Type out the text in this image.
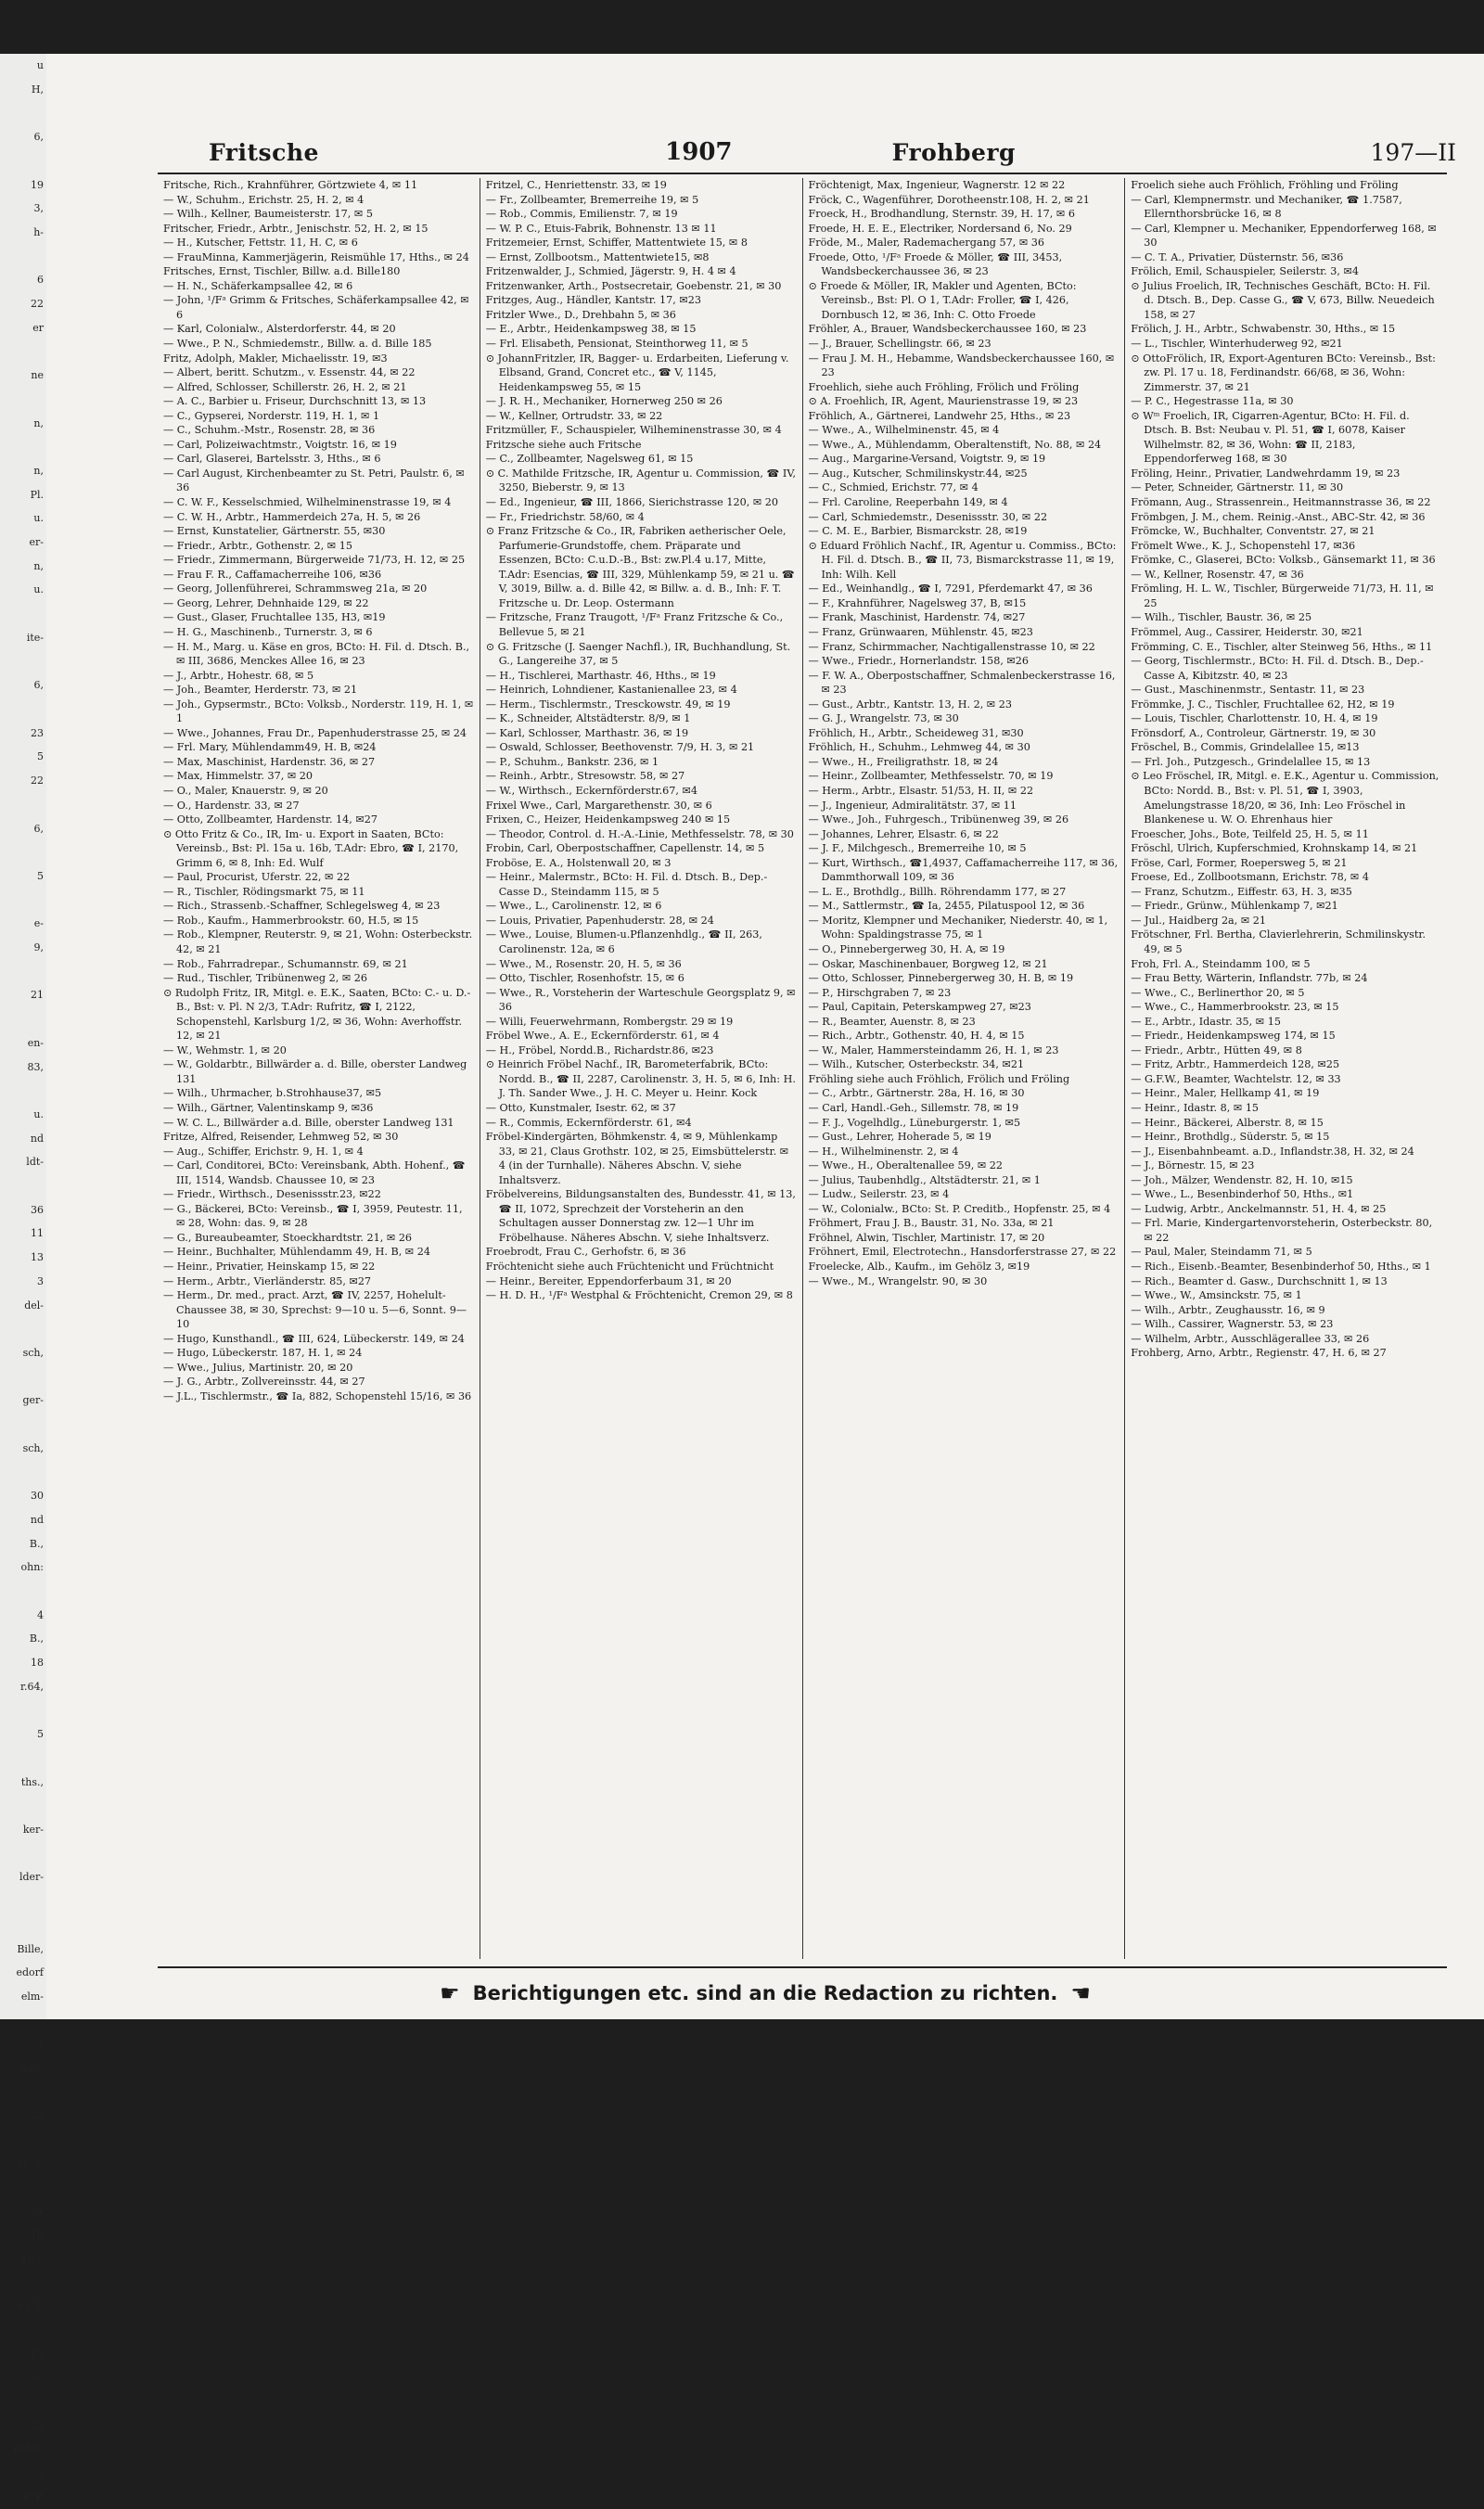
u
H,

6,

19
3,
h-

6
22
er

ne

n,

n,
Pl.
u.
er-
n,
u.

ite-

6,

23
5
22

6,

5

e-
9,

21

en-
83,

u.
nd
ldt-

36
11
13
3
del-

sch,

ger-

sch,

30
nd
B.,
ohn:

4
B.,
18
r.64,

5

ths.,

ker-

lder-

Bille,
edorf
elm-

4
ann-

22

H: 3,

24
19
103,

eg 5,

13
ir.

22
entur,
5
F. P.
Fritsche	1907	Frohberg	197—II
Fritsche, Rich., Krahnführer, Görtzwiete 4, ✉ 11
— W., Schuhm., Erichstr. 25, H. 2, ✉ 4
— Wilh., Kellner, Baumeisterstr. 17, ✉ 5
Fritscher, Friedr., Arbtr., Jenischstr. 52, H. 2, ✉ 15
— H., Kutscher, Fettstr. 11, H. C, ✉ 6
— FrauMinna, Kammerjägerin, Reismühle 17, Hths., ✉ 24
Fritsches, Ernst, Tischler, Billw. a.d. Bille180
— H. N., Schäferkampsallee 42, ✉ 6
— John, ¹/Fᵃ Grimm & Fritsches, Schäferkampsallee 42, ✉ 6
— Karl, Colonialw., Alsterdorferstr. 44, ✉ 20
— Wwe., P. N., Schmiedemstr., Billw. a. d. Bille 185
Fritz, Adolph, Makler, Michaelisstr. 19, ✉3
— Albert, beritt. Schutzm., v. Essenstr. 44, ✉ 22
— Alfred, Schlosser, Schillerstr. 26, H. 2, ✉ 21
— A. C., Barbier u. Friseur, Durchschnitt 13, ✉ 13
— C., Gypserei, Norderstr. 119, H. 1, ✉ 1
— C., Schuhm.-Mstr., Rosenstr. 28, ✉ 36
— Carl, Polizeiwachtmstr., Voigtstr. 16, ✉ 19
— Carl, Glaserei, Bartelsstr. 3, Hths., ✉ 6
— Carl August, Kirchenbeamter zu St. Petri, Paulstr. 6, ✉ 36
— C. W. F., Kesselschmied, Wilhelminenstrasse 19, ✉ 4
— C. W. H., Arbtr., Hammerdeich 27a, H. 5, ✉ 26
— Ernst, Kunstatelier, Gärtnerstr. 55, ✉30
— Friedr., Arbtr., Gothenstr. 2, ✉ 15
— Friedr., Zimmermann, Bürgerweide 71/73, H. 12, ✉ 25
— Frau F. R., Caffamacherreihe 106, ✉36
— Georg, Jollenführerei, Schrammsweg 21a, ✉ 20
— Georg, Lehrer, Dehnhaide 129, ✉ 22
— Gust., Glaser, Fruchtallee 135, H3, ✉19
— H. G., Maschinenb., Turnerstr. 3, ✉ 6
— H. M., Marg. u. Käse en gros, BCto: H. Fil. d. Dtsch. B., ✉ III, 3686, Menckes Allee 16, ✉ 23
— J., Arbtr., Hohestr. 68, ✉ 5
— Joh., Beamter, Herderstr. 73, ✉ 21
— Joh., Gypsermstr., BCto: Volksb., Norderstr. 119, H. 1, ✉ 1
— Wwe., Johannes, Frau Dr., Papenhuderstrasse 25, ✉ 24
— Frl. Mary, Mühlendamm49, H. B, ✉24
— Max, Maschinist, Hardenstr. 36, ✉ 27
— Max, Himmelstr. 37, ✉ 20
— O., Maler, Knauerstr. 9, ✉ 20
— O., Hardenstr. 33, ✉ 27
— Otto, Zollbeamter, Hardenstr. 14, ✉27
⊙ Otto Fritz & Co., IR, Im- u. Export in Saaten, BCto: Vereinsb., Bst: Pl. 15a u. 16b, T.Adr: Ebro, ☎ I, 2170, Grimm 6, ✉ 8, Inh: Ed. Wulf
— Paul, Procurist, Uferstr. 22, ✉ 22
— R., Tischler, Rödingsmarkt 75, ✉ 11
— Rich., Strassenb.-Schaffner, Schlegelsweg 4, ✉ 23
— Rob., Kaufm., Hammerbrookstr. 60, H.5, ✉ 15
— Rob., Klempner, Reuterstr. 9, ✉ 21, Wohn: Osterbeckstr. 42, ✉ 21
— Rob., Fahrradrepar., Schumannstr. 69, ✉ 21
— Rud., Tischler, Tribünenweg 2, ✉ 26
⊙ Rudolph Fritz, IR, Mitgl. e. E.K., Saaten, BCto: C.- u. D.-B., Bst: v. Pl. N 2/3, T.Adr: Rufritz, ☎ I, 2122, Schopenstehl, Karlsburg 1/2, ✉ 36, Wohn: Averhoffstr. 12, ✉ 21
— W., Wehmstr. 1, ✉ 20
— W., Goldarbtr., Billwärder a. d. Bille, oberster Landweg 131
— Wilh., Uhrmacher, b.Strohhause37, ✉5
— Wilh., Gärtner, Valentinskamp 9, ✉36
— W. C. L., Billwärder a.d. Bille, oberster Landweg 131
Fritze, Alfred, Reisender, Lehmweg 52, ✉ 30
— Aug., Schiffer, Erichstr. 9, H. 1, ✉ 4
— Carl, Conditorei, BCto: Vereinsbank, Abth. Hohenf., ☎ III, 1514, Wandsb. Chaussee 10, ✉ 23
— Friedr., Wirthsch., Desenissstr.23, ✉22
— G., Bäckerei, BCto: Vereinsb., ☎ I, 3959, Peutestr. 11, ✉ 28, Wohn: das. 9, ✉ 28
— G., Bureaubeamter, Stoeckhardtstr. 21, ✉ 26
— Heinr., Buchhalter, Mühlendamm 49, H. B, ✉ 24
— Heinr., Privatier, Heinskamp 15, ✉ 22
— Herm., Arbtr., Vierländerstr. 85, ✉27
— Herm., Dr. med., pract. Arzt, ☎ IV, 2257, Hohelult-Chaussee 38, ✉ 30, Sprechst: 9—10 u. 5—6, Sonnt. 9—10
— Hugo, Kunsthandl., ☎ III, 624, Lübeckerstr. 149, ✉ 24
— Hugo, Lübeckerstr. 187, H. 1, ✉ 24
— Wwe., Julius, Martinistr. 20, ✉ 20
— J. G., Arbtr., Zollvereinsstr. 44, ✉ 27
— J.L., Tischlermstr., ☎ Ia, 882, Schopenstehl 15/16, ✉ 36
Fritzel, C., Henriettenstr. 33, ✉ 19
— Fr., Zollbeamter, Bremerreihe 19, ✉ 5
— Rob., Commis, Emilienstr. 7, ✉ 19
— W. P. C., Etuis-Fabrik, Bohnenstr. 13 ✉ 11
Fritzemeier, Ernst, Schiffer, Mattentwiete 15, ✉ 8
— Ernst, Zollbootsm., Mattentwiete15, ✉8
Fritzenwalder, J., Schmied, Jägerstr. 9, H. 4 ✉ 4
Fritzenwanker, Arth., Postsecretair, Goebenstr. 21, ✉ 30
Fritzges, Aug., Händler, Kantstr. 17, ✉23
Fritzler Wwe., D., Drehbahn 5, ✉ 36
— E., Arbtr., Heidenkampsweg 38, ✉ 15
— Frl. Elisabeth, Pensionat, Steinthorweg 11, ✉ 5
⊙ JohannFritzler, IR, Bagger- u. Erdarbeiten, Lieferung v. Elbsand, Grand, Concret etc., ☎ V, 1145, Heidenkampsweg 55, ✉ 15
— J. R. H., Mechaniker, Hornerweg 250 ✉ 26
— W., Kellner, Ortrudstr. 33, ✉ 22
Fritzmüller, F., Schauspieler, Wilheminenstrasse 30, ✉ 4
Fritzsche siehe auch Fritsche
— C., Zollbeamter, Nagelsweg 61, ✉ 15
⊙ C. Mathilde Fritzsche, IR, Agentur u. Commission, ☎ IV, 3250, Bieberstr. 9, ✉ 13
— Ed., Ingenieur, ☎ III, 1866, Sierichstrasse 120, ✉ 20
— Fr., Friedrichstr. 58/60, ✉ 4
⊙ Franz Fritzsche & Co., IR, Fabriken aetherischer Oele, Parfumerie-Grundstoffe, chem. Präparate und Essenzen, BCto: C.u.D.-B., Bst: zw.Pl.4 u.17, Mitte, T.Adr: Esencias, ☎ III, 329, Mühlenkamp 59, ✉ 21 u. ☎ V, 3019, Billw. a. d. Bille 42, ✉ Billw. a. d. B., Inh: F. T. Fritzsche u. Dr. Leop. Ostermann
— Fritzsche, Franz Traugott, ¹/Fᵃ Franz Fritzsche & Co., Bellevue 5, ✉ 21
⊙ G. Fritzsche (J. Saenger Nachfl.), IR, Buchhandlung, St. G., Langereihe 37, ✉ 5
— H., Tischlerei, Marthastr. 46, Hths., ✉ 19
— Heinrich, Lohndiener, Kastanienallee 23, ✉ 4
— Herm., Tischlermstr., Tresckowstr. 49, ✉ 19
— K., Schneider, Altstädterstr. 8/9, ✉ 1
— Karl, Schlosser, Marthastr. 36, ✉ 19
— Oswald, Schlosser, Beethovenstr. 7/9, H. 3, ✉ 21
— P., Schuhm., Bankstr. 236, ✉ 1
— Reinh., Arbtr., Stresowstr. 58, ✉ 27
— W., Wirthsch., Eckernförderstr.67, ✉4
Frixel Wwe., Carl, Margarethenstr. 30, ✉ 6
Frixen, C., Heizer, Heidenkampsweg 240 ✉ 15
— Theodor, Control. d. H.-A.-Linie, Methfesselstr. 78, ✉ 30
Frobin, Carl, Oberpostschaffner, Capellenstr. 14, ✉ 5
Froböse, E. A., Holstenwall 20, ✉ 3
— Heinr., Malermstr., BCto: H. Fil. d. Dtsch. B., Dep.-Casse D., Steindamm 115, ✉ 5
— Wwe., L., Carolinenstr. 12, ✉ 6
— Louis, Privatier, Papenhuderstr. 28, ✉ 24
— Wwe., Louise, Blumen-u.Pflanzenhdlg., ☎ II, 263, Carolinenstr. 12a, ✉ 6
— Wwe., M., Rosenstr. 20, H. 5, ✉ 36
— Otto, Tischler, Rosenhofstr. 15, ✉ 6
— Wwe., R., Vorsteherin der Warteschule Georgsplatz 9, ✉ 36
— Willi, Feuerwehrmann, Rombergstr. 29 ✉ 19
Fröbel Wwe., A. E., Eckernförderstr. 61, ✉ 4
— H., Fröbel, Nordd.B., Richardstr.86, ✉23
⊙ Heinrich Fröbel Nachf., IR, Barometerfabrik, BCto: Nordd. B., ☎ II, 2287, Carolinenstr. 3, H. 5, ✉ 6, Inh: H. J. Th. Sander Wwe., J. H. C. Meyer u. Heinr. Kock
— Otto, Kunstmaler, Isestr. 62, ✉ 37
— R., Commis, Eckernförderstr. 61, ✉4
Fröbel-Kindergärten, Böhmkenstr. 4, ✉ 9, Mühlenkamp 33, ✉ 21, Claus Grothstr. 102, ✉ 25, Eimsbüttelerstr. ✉ 4 (in der Turnhalle). Näheres Abschn. V, siehe Inhaltsverz.
Fröbelvereins, Bildungsanstalten des, Bundesstr. 41, ✉ 13, ☎ II, 1072, Sprechzeit der Vorsteherin an den Schultagen ausser Donnerstag zw. 12—1 Uhr im Fröbelhause. Näheres Abschn. V, siehe Inhaltsverz.
Froebrodt, Frau C., Gerhofstr. 6, ✉ 36
Fröchtenicht siehe auch Früchtenicht und Früchtnicht
— Heinr., Bereiter, Eppendorferbaum 31, ✉ 20
— H. D. H., ¹/Fᵃ Westphal & Fröchtenicht, Cremon 29, ✉ 8
Fröchtenigt, Max, Ingenieur, Wagnerstr. 12 ✉ 22
Fröck, C., Wagenführer, Dorotheenstr.108, H. 2, ✉ 21
Froeck, H., Brodhandlung, Sternstr. 39, H. 17, ✉ 6
Froede, H. E. E., Electriker, Nordersand 6, No. 29
Fröde, M., Maler, Rademachergang 57, ✉ 36
Froede, Otto, ¹/Fᵃ Froede & Möller, ☎ III, 3453, Wandsbeckerchaussee 36, ✉ 23
⊙ Froede & Möller, IR, Makler und Agenten, BCto: Vereinsb., Bst: Pl. O 1, T.Adr: Froller, ☎ I, 426, Dornbusch 12, ✉ 36, Inh: C. Otto Froede
Fröhler, A., Brauer, Wandsbeckerchaussee 160, ✉ 23
— J., Brauer, Schellingstr. 66, ✉ 23
— Frau J. M. H., Hebamme, Wandsbeckerchaussee 160, ✉ 23
Froehlich, siehe auch Fröhling, Frölich und Fröling
⊙ A. Froehlich, IR, Agent, Maurienstrasse 19, ✉ 23
Fröhlich, A., Gärtnerei, Landwehr 25, Hths., ✉ 23
— Wwe., A., Wilhelminenstr. 45, ✉ 4
— Wwe., A., Mühlendamm, Oberaltenstift, No. 88, ✉ 24
— Aug., Margarine-Versand, Voigtstr. 9, ✉ 19
— Aug., Kutscher, Schmilinskystr.44, ✉25
— C., Schmied, Erichstr. 77, ✉ 4
— Frl. Caroline, Reeperbahn 149, ✉ 4
— Carl, Schmiedemstr., Desenissstr. 30, ✉ 22
— C. M. E., Barbier, Bismarckstr. 28, ✉19
⊙ Eduard Fröhlich Nachf., IR, Agentur u. Commiss., BCto: H. Fil. d. Dtsch. B., ☎ II, 73, Bismarckstrasse 11, ✉ 19, Inh: Wilh. Kell
— Ed., Weinhandlg., ☎ I, 7291, Pferdemarkt 47, ✉ 36
— F., Krahnführer, Nagelsweg 37, B, ✉15
— Frank, Maschinist, Hardenstr. 74, ✉27
— Franz, Grünwaaren, Mühlenstr. 45, ✉23
— Franz, Schirmmacher, Nachtigallenstrasse 10, ✉ 22
— Wwe., Friedr., Hornerlandstr. 158, ✉26
— F. W. A., Oberpostschaffner, Schmalenbeckerstrasse 16, ✉ 23
— Gust., Arbtr., Kantstr. 13, H. 2, ✉ 23
— G. J., Wrangelstr. 73, ✉ 30
Fröhlich, H., Arbtr., Scheideweg 31, ✉30
Fröhlich, H., Schuhm., Lehmweg 44, ✉ 30
— Wwe., H., Freiligrathstr. 18, ✉ 24
— Heinr., Zollbeamter, Methfesselstr. 70, ✉ 19
— Herm., Arbtr., Elsastr. 51/53, H. II, ✉ 22
— J., Ingenieur, Admiralitätstr. 37, ✉ 11
— Wwe., Joh., Fuhrgesch., Tribünenweg 39, ✉ 26
— Johannes, Lehrer, Elsastr. 6, ✉ 22
— J. F., Milchgesch., Bremerreihe 10, ✉ 5
— Kurt, Wirthsch., ☎1,4937, Caffamacherreihe 117, ✉ 36, Dammthorwall 109, ✉ 36
— L. E., Brothdlg., Billh. Röhrendamm 177, ✉ 27
— M., Sattlermstr., ☎ Ia, 2455, Pilatuspool 12, ✉ 36
— Moritz, Klempner und Mechaniker, Niederstr. 40, ✉ 1, Wohn: Spaldingstrasse 75, ✉ 1
— O., Pinnebergerweg 30, H. A, ✉ 19
— Oskar, Maschinenbauer, Borgweg 12, ✉ 21
— Otto, Schlosser, Pinnebergerweg 30, H. B, ✉ 19
— P., Hirschgraben 7, ✉ 23
— Paul, Capitain, Peterskampweg 27, ✉23
— R., Beamter, Auenstr. 8, ✉ 23
— Rich., Arbtr., Gothenstr. 40, H. 4, ✉ 15
— W., Maler, Hammersteindamm 26, H. 1, ✉ 23
— Wilh., Kutscher, Osterbeckstr. 34, ✉21
Fröhling siehe auch Fröhlich, Frölich und Fröling
— C., Arbtr., Gärtnerstr. 28a, H. 16, ✉ 30
— Carl, Handl.-Geh., Sillemstr. 78, ✉ 19
— F. J., Vogelhdlg., Lüneburgerstr. 1, ✉5
— Gust., Lehrer, Hoherade 5, ✉ 19
— H., Wilhelminenstr. 2, ✉ 4
— Wwe., H., Oberaltenallee 59, ✉ 22
— Julius, Taubenhdlg., Altstädterstr. 21, ✉ 1
— Ludw., Seilerstr. 23, ✉ 4
— W., Colonialw., BCto: St. P. Creditb., Hopfenstr. 25, ✉ 4
Fröhmert, Frau J. B., Baustr. 31, No. 33a, ✉ 21
Fröhnel, Alwin, Tischler, Martinistr. 17, ✉ 20
Fröhnert, Emil, Electrotechn., Hansdorferstrasse 27, ✉ 22
Froelecke, Alb., Kaufm., im Gehölz 3, ✉19
— Wwe., M., Wrangelstr. 90, ✉ 30
Froelich siehe auch Fröhlich, Fröhling und Fröling
— Carl, Klempnermstr. und Mechaniker, ☎ 1.7587, Ellernthorsbrücke 16, ✉ 8
— Carl, Klempner u. Mechaniker, Eppendorferweg 168, ✉ 30
— C. T. A., Privatier, Düsternstr. 56, ✉36
Frölich, Emil, Schauspieler, Seilerstr. 3, ✉4
⊙ Julius Froelich, IR, Technisches Geschäft, BCto: H. Fil. d. Dtsch. B., Dep. Casse G., ☎ V, 673, Billw. Neuedeich 158, ✉ 27
Frölich, J. H., Arbtr., Schwabenstr. 30, Hths., ✉ 15
— L., Tischler, Winterhuderweg 92, ✉21
⊙ OttoFrölich, IR, Export-Agenturen BCto: Vereinsb., Bst: zw. Pl. 17 u. 18, Ferdinandstr. 66/68, ✉ 36, Wohn: Zimmerstr. 37, ✉ 21
— P. C., Hegestrasse 11a, ✉ 30
⊙ Wᵐ Froelich, IR, Cigarren-Agentur, BCto: H. Fil. d. Dtsch. B. Bst: Neubau v. Pl. 51, ☎ I, 6078, Kaiser Wilhelmstr. 82, ✉ 36, Wohn: ☎ II, 2183, Eppendorferweg 168, ✉ 30
Fröling, Heinr., Privatier, Landwehrdamm 19, ✉ 23
— Peter, Schneider, Gärtnerstr. 11, ✉ 30
Frömann, Aug., Strassenrein., Heitmannstrasse 36, ✉ 22
Frömbgen, J. M., chem. Reinig.-Anst., ABC-Str. 42, ✉ 36
Frömcke, W., Buchhalter, Conventstr. 27, ✉ 21
Frömelt Wwe., K. J., Schopenstehl 17, ✉36
Frömke, C., Glaserei, BCto: Volksb., Gänsemarkt 11, ✉ 36
— W., Kellner, Rosenstr. 47, ✉ 36
Frömling, H. L. W., Tischler, Bürgerweide 71/73, H. 11, ✉ 25
— Wilh., Tischler, Baustr. 36, ✉ 25
Frömmel, Aug., Cassirer, Heiderstr. 30, ✉21
Frömming, C. E., Tischler, alter Steinweg 56, Hths., ✉ 11
— Georg, Tischlermstr., BCto: H. Fil. d. Dtsch. B., Dep.-Casse A, Kibitzstr. 40, ✉ 23
— Gust., Maschinenmstr., Sentastr. 11, ✉ 23
Frömmke, J. C., Tischler, Fruchtallee 62, H2, ✉ 19
— Louis, Tischler, Charlottenstr. 10, H. 4, ✉ 19
Frönsdorf, A., Controleur, Gärtnerstr. 19, ✉ 30
Fröschel, B., Commis, Grindelallee 15, ✉13
— Frl. Joh., Putzgesch., Grindelallee 15, ✉ 13
⊙ Leo Fröschel, IR, Mitgl. e. E.K., Agentur u. Commission, BCto: Nordd. B., Bst: v. Pl. 51, ☎ I, 3903, Amelungstrasse 18/20, ✉ 36, Inh: Leo Fröschel in Blankenese u. W. O. Ehrenhaus hier
Froescher, Johs., Bote, Teilfeld 25, H. 5, ✉ 11
Fröschl, Ulrich, Kupferschmied, Krohnskamp 14, ✉ 21
Fröse, Carl, Former, Roepersweg 5, ✉ 21
Froese, Ed., Zollbootsmann, Erichstr. 78, ✉ 4
— Franz, Schutzm., Eiffestr. 63, H. 3, ✉35
— Friedr., Grünw., Mühlenkamp 7, ✉21
— Jul., Haidberg 2a, ✉ 21
Frötschner, Frl. Bertha, Clavierlehrerin, Schmilinskystr. 49, ✉ 5
Froh, Frl. A., Steindamm 100, ✉ 5
— Frau Betty, Wärterin, Inflandstr. 77b, ✉ 24
— Wwe., C., Berlinerthor 20, ✉ 5
— Wwe., C., Hammerbrookstr. 23, ✉ 15
— E., Arbtr., Idastr. 35, ✉ 15
— Friedr., Heidenkampsweg 174, ✉ 15
— Friedr., Arbtr., Hütten 49, ✉ 8
— Fritz, Arbtr., Hammerdeich 128, ✉25
— G.F.W., Beamter, Wachtelstr. 12, ✉ 33
— Heinr., Maler, Hellkamp 41, ✉ 19
— Heinr., Idastr. 8, ✉ 15
— Heinr., Bäckerei, Alberstr. 8, ✉ 15
— Heinr., Brothdlg., Süderstr. 5, ✉ 15
— J., Eisenbahnbeamt. a.D., Inflandstr.38, H. 32, ✉ 24
— J., Börnestr. 15, ✉ 23
— Joh., Mälzer, Wendenstr. 82, H. 10, ✉15
— Wwe., L., Besenbinderhof 50, Hths., ✉1
— Ludwig, Arbtr., Anckelmannstr. 51, H. 4, ✉ 25
— Frl. Marie, Kindergartenvorsteherin, Osterbeckstr. 80, ✉ 22
— Paul, Maler, Steindamm 71, ✉ 5
— Rich., Eisenb.-Beamter, Besenbinderhof 50, Hths., ✉ 1
— Rich., Beamter d. Gasw., Durchschnitt 1, ✉ 13
— Wwe., W., Amsinckstr. 75, ✉ 1
— Wilh., Arbtr., Zeughausstr. 16, ✉ 9
— Wilh., Cassirer, Wagnerstr. 53, ✉ 23
— Wilhelm, Arbtr., Ausschlägerallee 33, ✉ 26
Frohberg, Arno, Arbtr., Regienstr. 47, H. 6, ✉ 27
☛ Berichtigungen etc. sind an die Redaction zu richten. ☚
